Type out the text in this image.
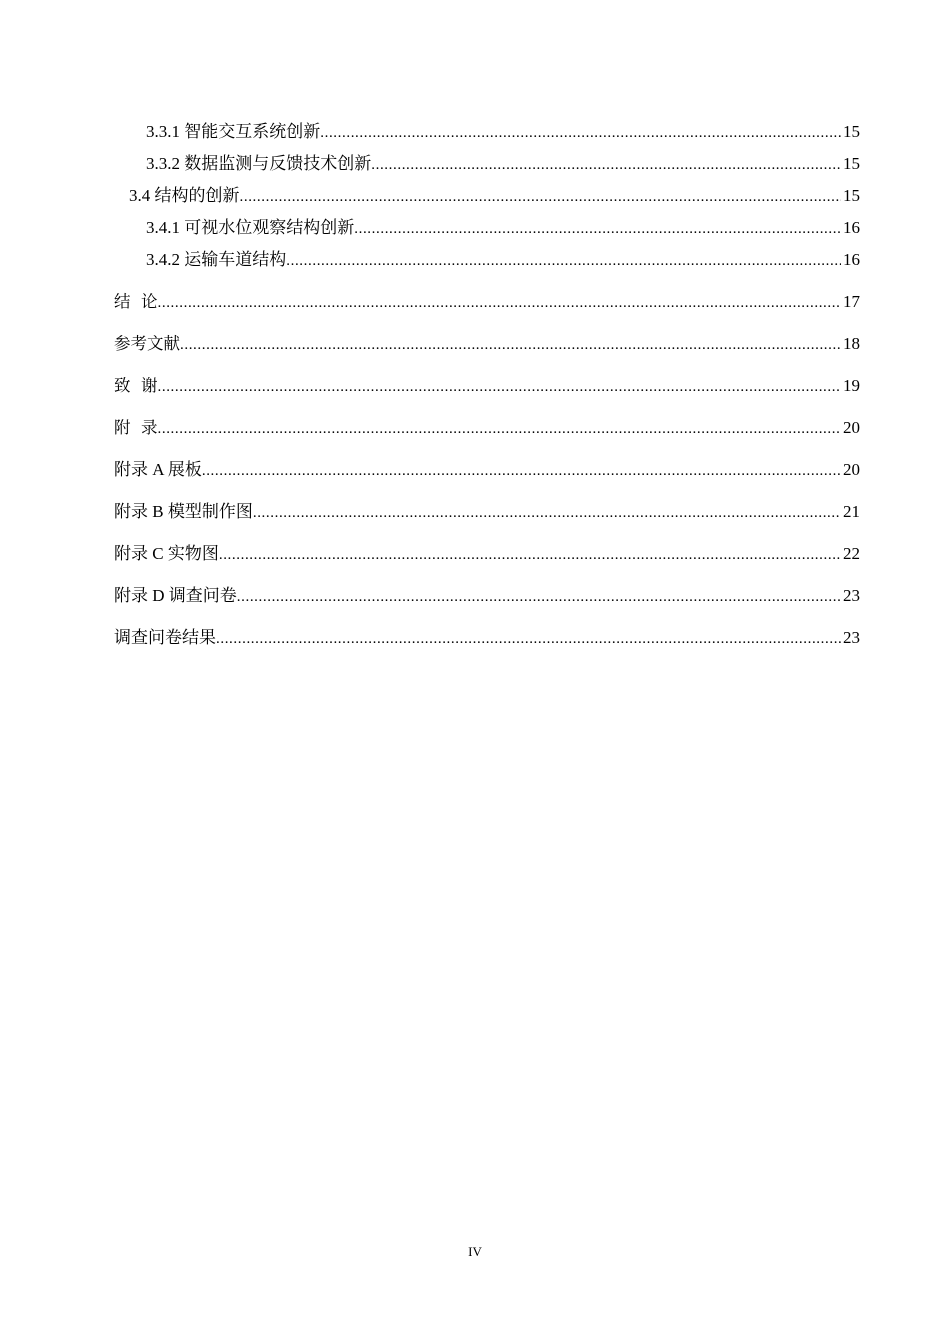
3.3.1 智能交互系统创新 .....	15
3.3.2 数据监测与反馈技术创新 .....	15
3.4 结构的创新 .....	15
3.4.1 可视水位观察结构创新 .....	16
3.4.2 运输车道结构 .....	16
结  论 .....	17
参考文献 .....	18
致  谢 .....	19
附  录 .....	20
附录 A 展板 .....	20
附录 B 模型制作图 .....	21
附录 C 实物图 .....	22
附录 D 调查问卷 .....	23
调查问卷结果 .....	23
IV
